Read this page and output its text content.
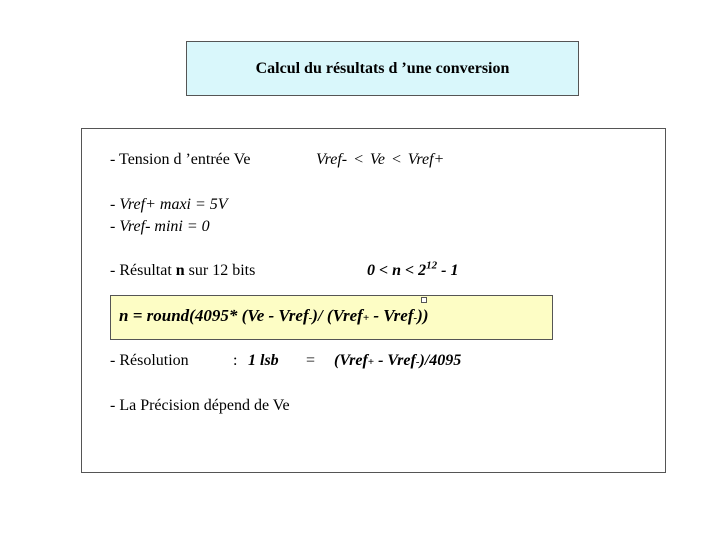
Calcul du résultats d ’une conversion
- Tension d ’entrée Ve	Vref- < Ve < Vref+
- Vref+ maxi = 5V
- Vref- mini = 0
- Résultat n sur 12 bits	$0 < n < 2^{12} - 1$
n = round(4095* (Ve - Vref-)/ (Vref+ - Vref-))
- Résolution	: 1 lsb = (Vref+ - Vref-)/4095
- La Précision dépend de Ve
